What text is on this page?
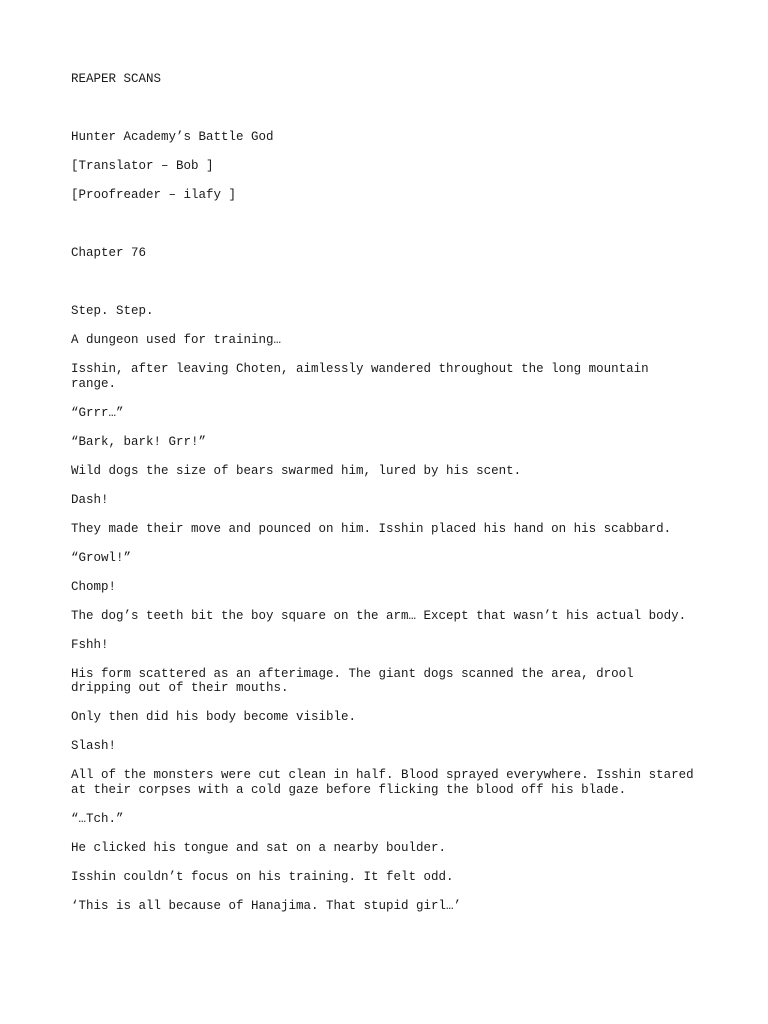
REAPER SCANS

Hunter Academy’s Battle God

[Translator – Bob ]

[Proofreader – ilafy ]

Chapter 76

Step. Step.

A dungeon used for training…

Isshin, after leaving Choten, aimlessly wandered throughout the long mountain range.

“Grrr…”

“Bark, bark! Grr!”

Wild dogs the size of bears swarmed him, lured by his scent.

Dash!

They made their move and pounced on him. Isshin placed his hand on his scabbard.

“Growl!”

Chomp!

The dog’s teeth bit the boy square on the arm… Except that wasn’t his actual body.

Fshh!

His form scattered as an afterimage. The giant dogs scanned the area, drool dripping out of their mouths.

Only then did his body become visible.

Slash!

All of the monsters were cut clean in half. Blood sprayed everywhere. Isshin stared at their corpses with a cold gaze before flicking the blood off his blade.

“…Tch.”

He clicked his tongue and sat on a nearby boulder.

Isshin couldn’t focus on his training. It felt odd.

‘This is all because of Hanajima. That stupid girl…’
